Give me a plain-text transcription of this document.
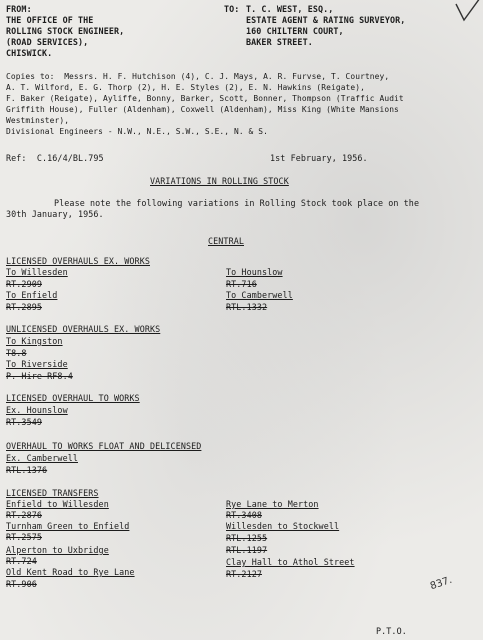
FROM:
THE OFFICE OF THE
ROLLING STOCK ENGINEER,
(ROAD SERVICES),
CHISWICK.
TO: T. C. WEST, ESQ.,
ESTATE AGENT & RATING SURVEYOR,
160 CHILTERN COURT,
BAKER STREET.
Copies to:  Messrs. H. F. Hutchison (4), C. J. Mays, A. R. Furvse, T. Courtney,
A. T. Wilford, E. G. Thorp (2), H. E. Styles (2), E. N. Hawkins (Reigate),
F. Baker (Reigate), Ayliffe, Bonny, Barker, Scott, Bonner, Thompson (Traffic Audit
Griffith House), Fuller (Aldenham), Coxwell (Aldenham), Miss King (White Mansions
Westminster),
Divisional Engineers - N.W., N.E., S.W., S.E., N. & S.
Ref:  C.16/4/BL.795	1st February, 1956.
VARIATIONS IN ROLLING STOCK
Please note the following variations in Rolling Stock took place on the
30th January, 1956.
CENTRAL
LICENSED OVERHAULS EX. WORKS
To Willesden
RT.2909
To Enfield
RT.2895
To Hounslow
RT.716
To Camberwell
RTL.1332
UNLICENSED OVERHAULS EX. WORKS
To Kingston
T8.8
To Riverside
P. Hire RF8.4
LICENSED OVERHAUL TO WORKS
Ex. Hounslow
RT.3549
OVERHAUL TO WORKS FLOAT AND DELICENSED
Ex. Camberwell
RTL.1376
LICENSED TRANSFERS
Enfield to Willesden
RT.2876
Turnham Green to Enfield
RT.2575
Alperton to Uxbridge
RT.724
Old Kent Road to Rye Lane
RT.906
Rye Lane to Merton
RT.3408
Willesden to Stockwell
RTL.1255
RTL.1197
Clay Hall to Athol Street
RT.2127
837.
P.T.O.
